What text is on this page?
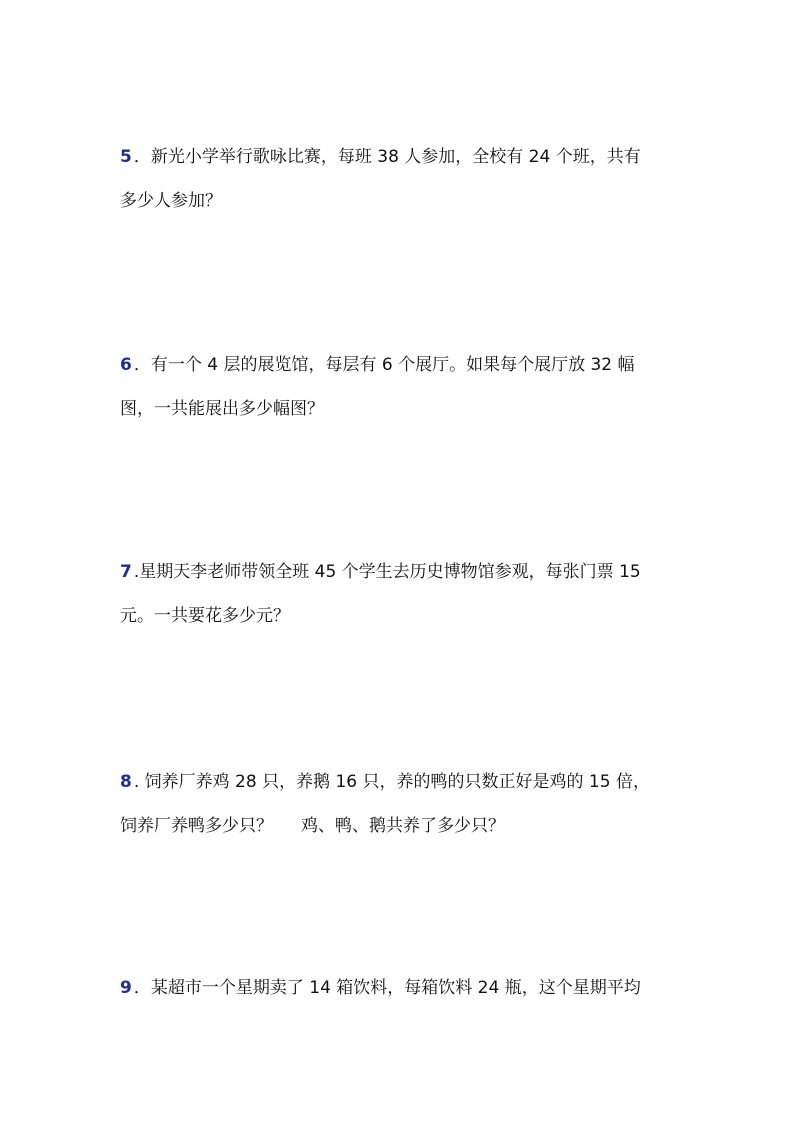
5 ．新光小学举行歌咏比赛，每班 38 人参加，全校有 24 个班，共有
多少人参加？
6 ．有一个 4 层的展览馆，每层有 6 个展厅。如果每个展厅放 32 幅
图，一共能展出多少幅图？
7 .星期天李老师带领全班 45 个学生去历史博物馆参观，每张门票 15
元。一共要花多少元？
8 . 饲养厂养鸡 28 只，养鹅 16 只，养的鸭的只数正好是鸡的 15 倍，
饲养厂养鸭多少只？ 鸡、鸭、鹅共养了多少只？
9 ．某超市一个星期卖了 14 箱饮料，每箱饮料 24 瓶，这个星期平均
